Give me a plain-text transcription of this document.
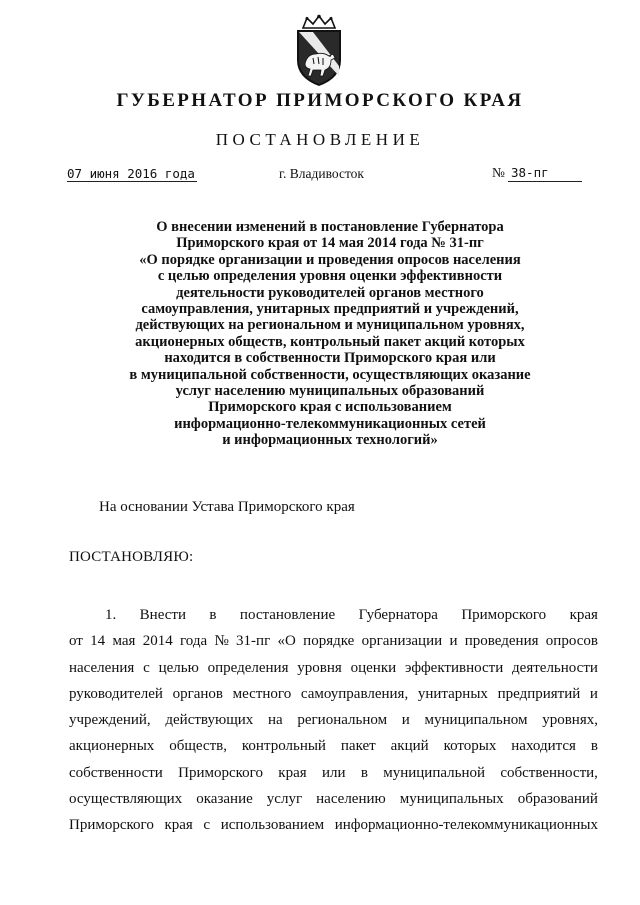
ГУБЕРНАТОР ПРИМОРСКОГО КРАЯ
ПОСТАНОВЛЕНИЕ
07 июня 2016 года	г. Владивосток	№ 38-пг
О внесении изменений в постановление Губернатора
Приморского края от 14 мая 2014 года № 31-пг
«О порядке организации и проведения опросов населения
с целью определения уровня оценки эффективности
деятельности руководителей органов местного
самоуправления, унитарных предприятий и учреждений,
действующих на региональном и муниципальном уровнях,
акционерных обществ, контрольный пакет акций которых
находится в собственности Приморского края или
в муниципальной собственности, осуществляющих оказание
услуг населению муниципальных образований
Приморского края с использованием
информационно-телекоммуникационных сетей
и информационных технологий»
На основании Устава Приморского края
ПОСТАНОВЛЯЮ:
1. Внести в постановление Губернатора Приморского края
от 14 мая 2014 года № 31-пг «О порядке организации и проведения опросов
населения с целью определения уровня оценки эффективности деятельности
руководителей органов местного самоуправления, унитарных предприятий и
учреждений, действующих на региональном и муниципальном уровнях,
акционерных обществ, контрольный пакет акций которых находится в
собственности Приморского края или в муниципальной собственности,
осуществляющих оказание услуг населению муниципальных образований
Приморского края с использованием информационно-телекоммуникационных
